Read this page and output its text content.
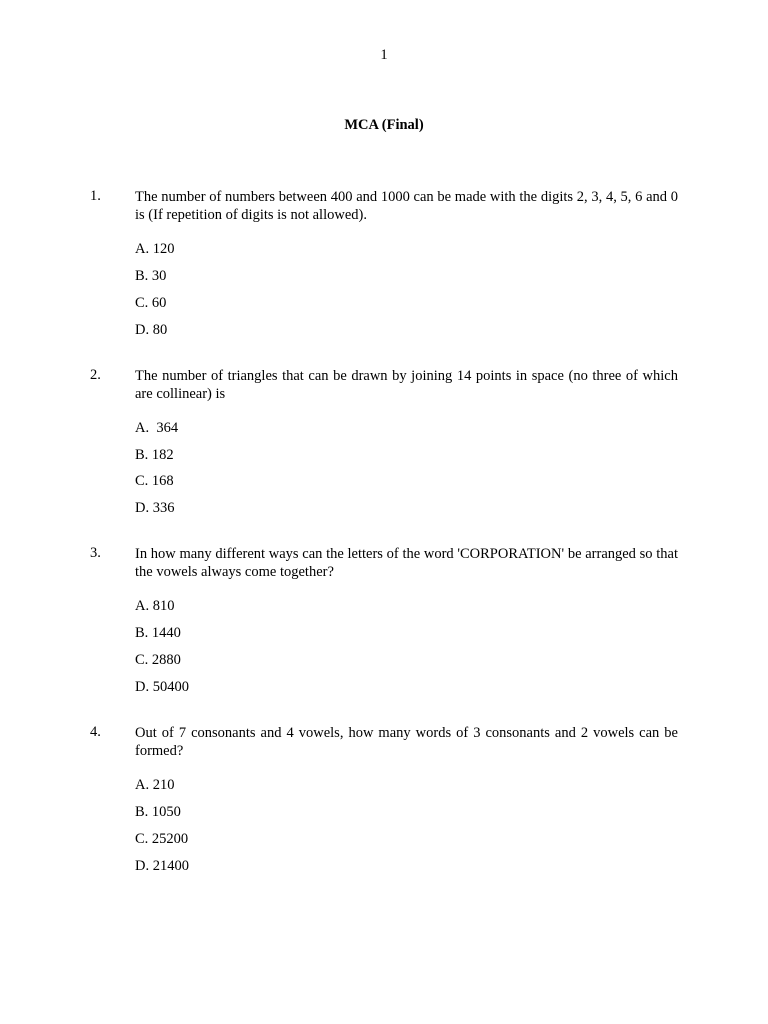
1
MCA (Final)
1. The number of numbers between 400 and 1000 can be made with the digits 2, 3, 4, 5, 6 and 0 is (If repetition of digits is not allowed).
A. 120
B. 30
C. 60
D. 80
2. The number of triangles that can be drawn by joining 14 points in space (no three of which are collinear) is
A.  364
B. 182
C. 168
D. 336
3. In how many different ways can the letters of the word 'CORPORATION' be arranged so that the vowels always come together?
A. 810
B. 1440
C. 2880
D. 50400
4. Out of 7 consonants and 4 vowels, how many words of 3 consonants and 2 vowels can be formed?
A. 210
B. 1050
C. 25200
D. 21400
